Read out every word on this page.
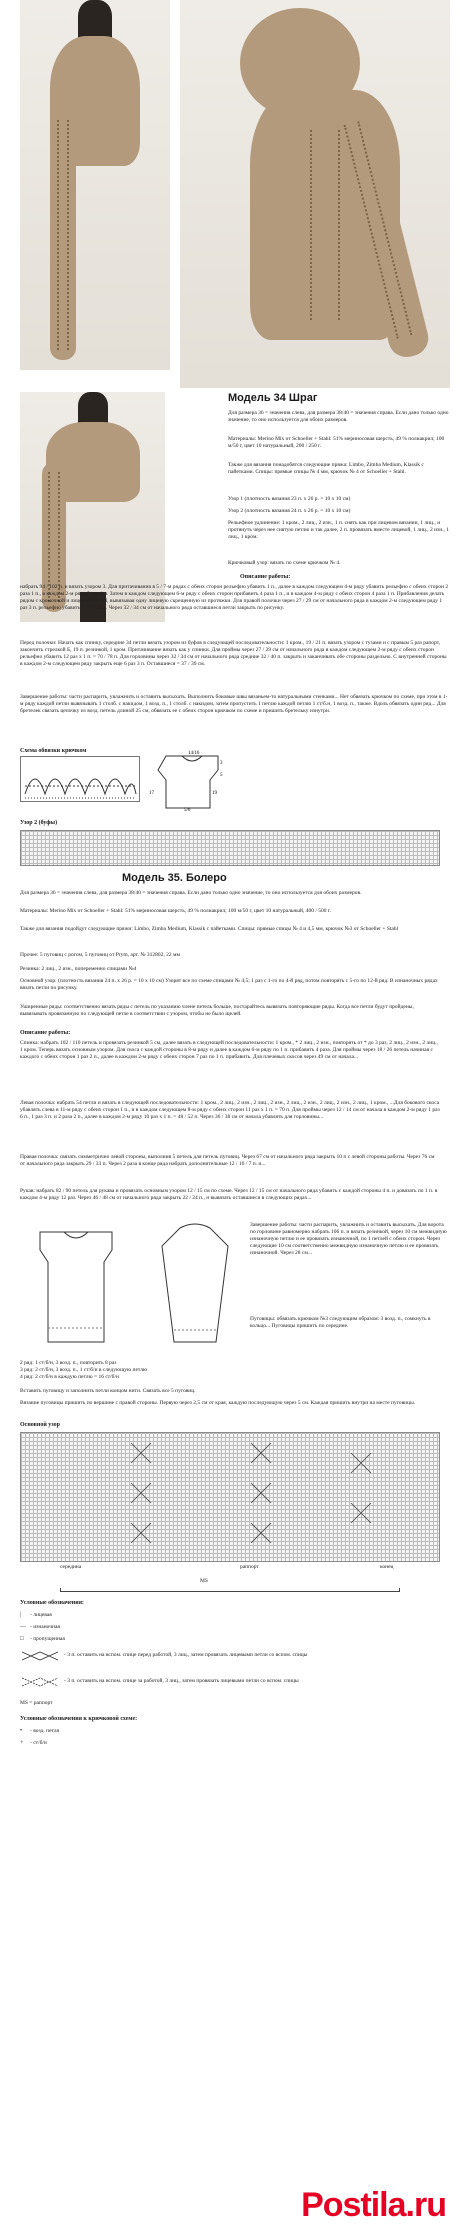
Модель 34 Шраг
Для размера 36 = значения слева, для размера 38/40 = значения справа. Если дано только одно значение, то оно используется для обоих размеров.
Материалы: Merino Mix от Schoeller + Stahl: 51% мериносовая шерсть, 49 % полиакрил; 100 м/50 г, цвет 10 натуральный, 200 / 250 г.
Также для вязания понадобятся следующие пряжа: Limbo, Zimba Medium, Klassik с пайетками. Спицы: прямые спицы № 4 мм, крючок № 4 от Schoeller + Stahl.
Узор 1 (плотность вязания 23 п. х 26 р. = 10 х 10 см)
Узор 2 (плотность вязания 24 п. х 26 р. = 10 х 10 см)
Рельефное удлинение: 1 кром., 2 лиц., 2 изн., 1 п. снять как при лицевом вязании, 1 лиц., и протянуть через нее снятую петлю и так далее, 2 п. провязать вместе лицевой, 1 лиц., 2 изн., 1 лиц., 1 кром.
Крючковый узор: вязать по схеме крючком № 4.
Описание работы:
набрать 94 / 102 п. и вязать узором 3. Для притачивания в 5 / 7-м рядах с обеих сторон рельефно убавить 1 п., далее в каждом следующем 4-м ряду убавить рельефно с обеих сторон 2 раза 1 п., в каждом 2-м ряду 5 раз 1 п. Затем в каждом следующем 6-м ряду с обеих сторон прибавить 4 раза 1 п., и в каждом 4-м ряду с обеих сторон 4 раза 1 п. Прибавления делать рядом с кромочной и лицевой петлей, вывязывая одну лицевую скрещенную из протяжки. Для правой полочки через 27 / 29 см от начального ряда в каждом 2-м следующем ряду 1 раз 3 п. рельефно убавить = 78 / 86 п. Через 32 / 34 см от начального ряда оставшиеся петли закрыть по рисунку.
Перед полочки: Начать как спинку, середине 34 петли вязать узором из буфов в следующей последовательности: 1 кром., 19 / 21 п. вязать узором с тузами и с правым 5 раз рапорт, закончить стрелкой Б, 19 п. резинкой, 1 кром. Притачивание вязать как у спинки. Для проймы через 27 / 29 см от начального ряда в каждом следующем 2-м ряду с обеих сторон рельефно убавить 12 раз х 1 п. = 70 / 78 п. Для горловины через 32 / 34 см от начального ряда средние 32 / 40 п. закрыть и заканчивать обе стороны раздельно. С внутренней стороны в каждом 2-м следующем ряду закрыть еще 6 раз 3 п. Оставшиеся = 37 / 39 см.
Завершение работы: части распарить, увлажнить и оставить высыхать. Выполнить боковые швы вязаньем-то натуральными стенками... Нет обвязать крючком по схеме, при этом в 1-м ряду каждой петли вывязывать 1 столб. с накидом, 1 возд. п., 1 столб. с накидом, затем пропустить 1 петлю каждой петлю 1 ст/б.н, 1 возд. п., также. Вдоль обвязать один ряд... Для бретелек связать цепочку из возд. петель длиной 25 см, обвязать ее с обеих сторон крючком по схеме и пришить бретельку изнутри.
Схема обвязки крючком	14/16
3
5
17	19
5/6
Узор 2 (буфы)
Модель 35. Болеро
Для размера 36 = значения слева, для размера 38/40 = значения справа. Если дано только одно значение, то оно используется для обоих размеров.
Материалы: Merino Mix от Schoeller + Stahl: 51% мериносовая шерсть, 49 % полиакрил; 100 м/50 г, цвет 10 натуральный, 400 / 500 г.
Также для вязания подойдут следующие пряжи: Limbo, Zimba Medium, Klassik с пайетками. Спицы: прямые спицы № 4 и 4,5 мм, крючок №3 от Schoeller + Stahl
Прочее: 5 пуговиц с рогом, 5 пуговиц от Prym, арт. № 312802, 22 мм
Резинка: 2 лиц., 2 изн., попеременно спицами №4
Основной узор: (плотность вязания 24 п. х 26 р. = 10 х 10 см) Узорят все по схеме спицами № 4,5; 1 раз с 1-го по 4-й ряд, потом повторять с 5-го по 12-й ряд. В изнаночных рядах вязать петли по рисунку.
Уширенные ряды: соответственно вязать ряды с петель по указанию члене петель больше, постарайтесь вывязать повторяющие ряды. Когда все петли будут пройдены, вывязывать провязанную по следующей петле в соответствии с узором, чтобы не было щелей.
Описание работы:
Спинка: набрать 102 / 110 петель и провязать резинкой 5 см, далее вязать в следующей последовательности: 1 кром., * 2 лиц., 2 изн., повторять от * до 3 раз, 2 лиц., 2 изн., 2 лиц., 1 кром. Теперь вязать основным узором. Для скоса с каждой стороны в 8-м ряду и далее в каждом 6-м ряду по 1 п. прибавить 4 раза. Для проймы через 18 / 26 петель начиная с каждого с обеих сторон 1 раз 2 п., далее в каждом 2-м ряду с обеих сторон 7 раз по 1 п. прибавить. Для плечевых скосов через 49 см от начала...
Левая полочка: набрать 54 петли и вязать в следующей последовательности: 1 кром., 2 лиц., 2 изн., 2 лиц., 2 изн., 2 лиц., 2 изн., 2 лиц., 2 изн., 2 лиц., 1 кром., ...Для бокового скоса убавлять слева в 11-м ряду с обеих сторон 1 п., и в каждом следующем 8-м ряду с обеих сторон 11 раз х 1 п. = 70 п. Для проймы через 12 / 14 см от начала в каждом 2-м ряду 1 раз 6 п., 1 раз 3 п. и 2 раза 2 п., далее в каждом 2-м ряду 10 раз х 1 п. = 48 / 52 п. Через 36 / 38 см от начала убавлять для горловины...
Правая полочка: связать симметрично левой стороны, выполнив 5 петель для петель пуговиц. Через 67 см от начального ряда закрыть 10 п с левой стороны работы. Через 76 см от начального ряда закрыть 29 / 33 п. Через 2 раза в конце ряда набрать дополнительные 12 / 10 / 7 п. и...
Рукав: набрать 82 / 90 петель для рукава и провязать основным узором 12 / 15 см по схеме. Через 12 / 15 см от начального ряда убавить с каждой стороны 4 п. и довязать по 1 п. в каждом 4-м ряду 12 раз. Через 46 / 48 см от начального ряда закрыть 22 / 24 п., и вывязать оставшиеся в следующих рядах...
Завершение работы: части распарить, увлажнить и оставить высыхать. Для ворота по горловине равномерно набрать 106 п. и вязать резинкой, через 10 см межвидную изнаночную петлю и ее провязать изнаночной, по 1 петлей с обеих сторон. Через следующие 10 см соответственно межвидную изнаночную петлю и ее провязать изнаночной. Через 28 см...
Пуговицы: обвязать крючком №3 следующим образом: 3 возд. п., сомкнуть в кольцо... Пуговицы пришить по середине.
2 ряд: 1 ст/б/н, 3 возд. п., повторить 8 раз
3 ряд: 2 ст/б/н, 3 возд. п., 1 ст/б/н в следующую петлю
4 ряд: 2 ст/б/н в каждую петлю = 16 ст/б/н
Вставить пуговицу и заполнить петли концом нити. Связать все 5 пуговиц.
Вязание пуговицы пришить по вершине с правой стороны. Первую через 2,5 см от края, каждую последующую через 5 см. Каждая пришить внутри на месте пуговицы.
Основной узор
середина	раппорт	конец
MS
Условные обозначения:
| - лицевая
— - изнаночная
□ - пропущенная
- 3 п. оставить на вспом. спице перед работой, 3 лиц., затем провязать лицевыми петли со вспом. спицы
- 3 п. оставить на вспом. спице за работой, 3 лиц., затем провязать лицевыми петли со вспом. спицы
MS = раппорт
Условные обозначения к крючковой схеме:
• - возд. петля
+ - ст/б/н
Postila.ru
